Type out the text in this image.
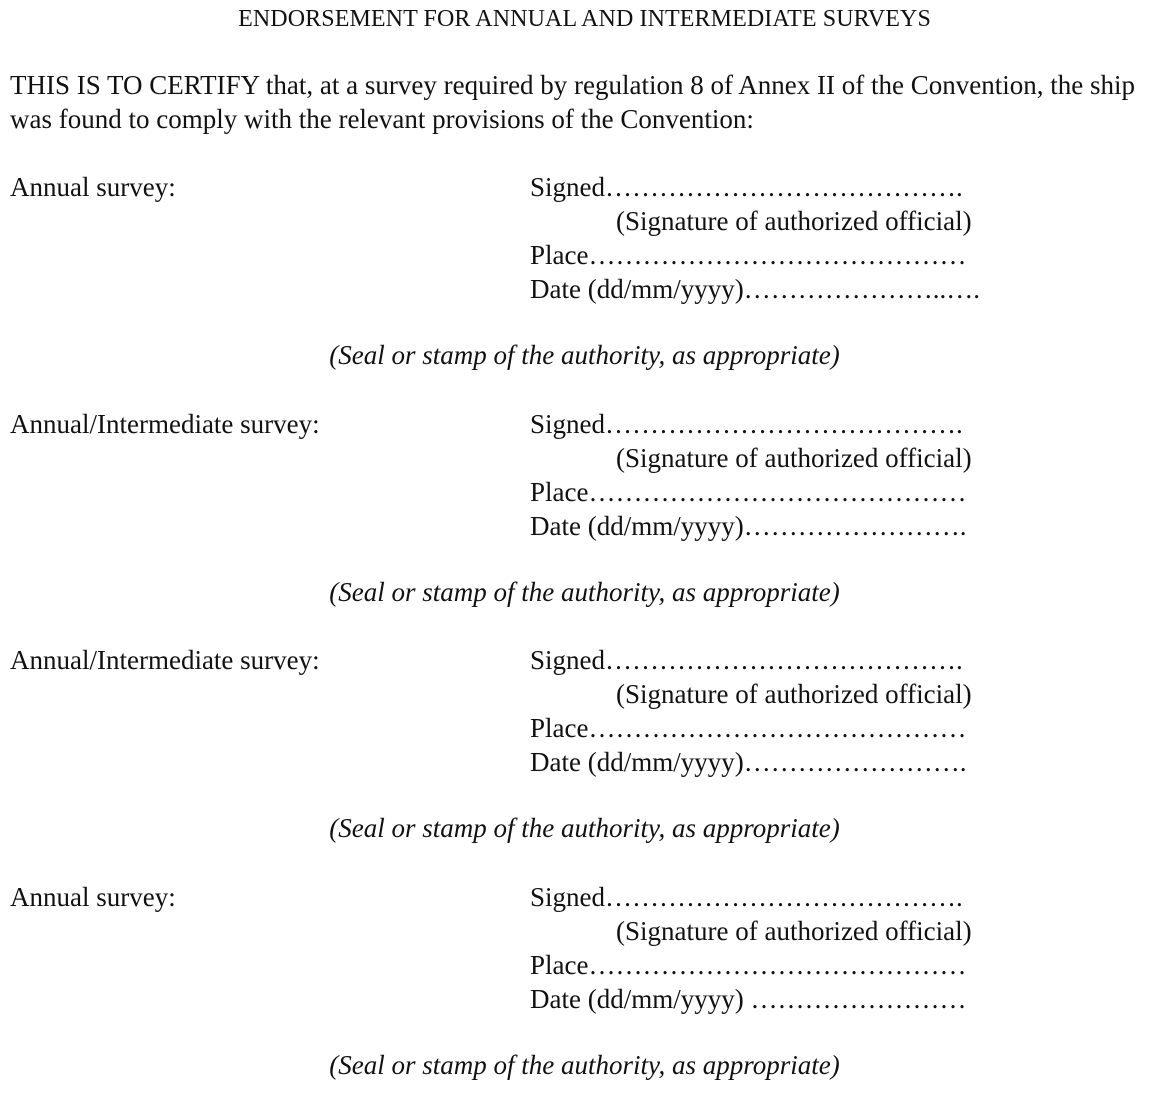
ENDORSEMENT FOR ANNUAL AND INTERMEDIATE SURVEYS
THIS IS TO CERTIFY that, at a survey required by regulation 8 of Annex II of the Convention, the ship was found to comply with the relevant provisions of the Convention:
Annual survey:	Signed………………………………….
(Signature of authorized official)
Place……………………………………
Date (dd/mm/yyyy)…………………..….
(Seal or stamp of the authority, as appropriate)
Annual/Intermediate survey:	Signed………………………………….
(Signature of authorized official)
Place……………………………………
Date (dd/mm/yyyy)…………………….
(Seal or stamp of the authority, as appropriate)
Annual/Intermediate survey:	Signed………………………………….
(Signature of authorized official)
Place……………………………………
Date (dd/mm/yyyy)…………………….
(Seal or stamp of the authority, as appropriate)
Annual survey:	Signed………………………………….
(Signature of authorized official)
Place……………………………………
Date (dd/mm/yyyy) ……………………
(Seal or stamp of the authority, as appropriate)
